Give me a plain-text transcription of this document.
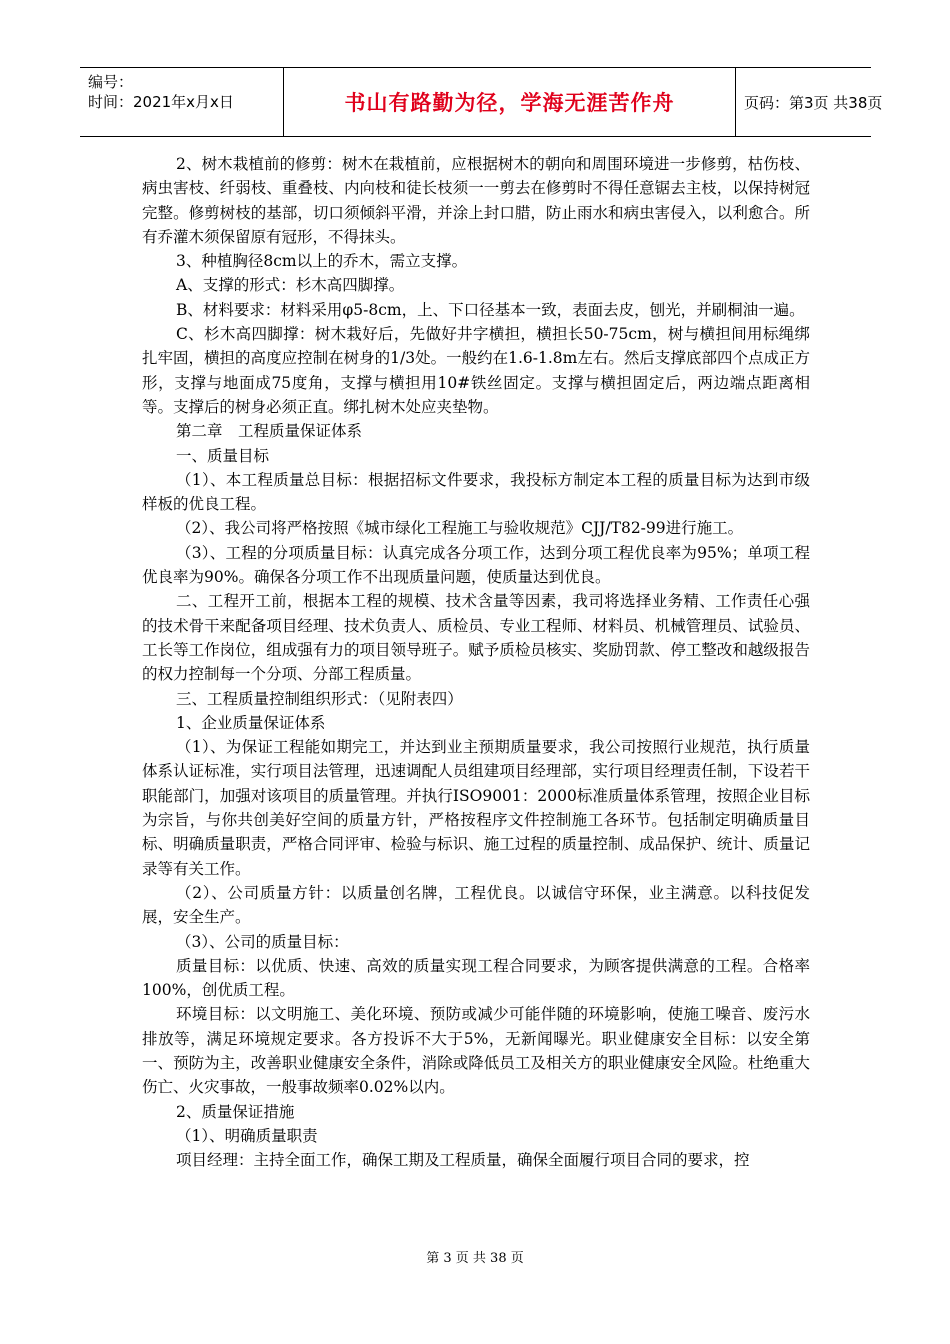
编号：
时间：2021年x月x日	书山有路勤为径，学海无涯苦作舟	页码：第3页 共38页

2、树木栽植前的修剪：树木在栽植前，应根据树木的朝向和周围环境进一步修剪，枯伤枝、病虫害枝、纤弱枝、重叠枝、内向枝和徒长枝须一一剪去在修剪时不得任意锯去主枝，以保持树冠完整。修剪树枝的基部，切口须倾斜平滑，并涂上封口腊，防止雨水和病虫害侵入，以利愈合。所有乔灌木须保留原有冠形，不得抹头。

3、种植胸径8cm以上的乔木，需立支撑。

A、支撑的形式：杉木高四脚撑。

B、材料要求：材料采用φ5-8cm，上、下口径基本一致，表面去皮，刨光，并刷桐油一遍。

C、杉木高四脚撑：树木栽好后，先做好井字横担，横担长50-75cm，树与横担间用标绳绑扎牢固，横担的高度应控制在树身的1/3处。一般约在1.6-1.8m左右。然后支撑底部四个点成正方形，支撑与地面成75度角，支撑与横担用10#铁丝固定。支撑与横担固定后，两边端点距离相等。支撑后的树身必须正直。绑扎树木处应夹垫物。

第二章　工程质量保证体系

一、质量目标

（1）、本工程质量总目标：根据招标文件要求，我投标方制定本工程的质量目标为达到市级样板的优良工程。

（2）、我公司将严格按照《城市绿化工程施工与验收规范》CJJ/T82-99进行施工。

（3）、工程的分项质量目标：认真完成各分项工作，达到分项工程优良率为95%；单项工程优良率为90%。确保各分项工作不出现质量问题，使质量达到优良。

二、工程开工前，根据本工程的规模、技术含量等因素，我司将选择业务精、工作责任心强的技术骨干来配备项目经理、技术负责人、质检员、专业工程师、材料员、机械管理员、试验员、工长等工作岗位，组成强有力的项目领导班子。赋予质检员核实、奖励罚款、停工整改和越级报告的权力控制每一个分项、分部工程质量。

三、工程质量控制组织形式：（见附表四）

1、企业质量保证体系

（1）、为保证工程能如期完工，并达到业主预期质量要求，我公司按照行业规范，执行质量体系认证标准，实行项目法管理，迅速调配人员组建项目经理部，实行项目经理责任制，下设若干职能部门，加强对该项目的质量管理。并执行ISO9001：2000标准质量体系管理，按照企业目标为宗旨，与你共创美好空间的质量方针，严格按程序文件控制施工各环节。包括制定明确质量目标、明确质量职责，严格合同评审、检验与标识、施工过程的质量控制、成品保护、统计、质量记录等有关工作。

（2）、公司质量方针：以质量创名牌，工程优良。以诚信守环保，业主满意。以科技促发展，安全生产。

（3）、公司的质量目标：

质量目标：以优质、快速、高效的质量实现工程合同要求，为顾客提供满意的工程。合格率100%，创优质工程。

环境目标：以文明施工、美化环境、预防或减少可能伴随的环境影响，使施工噪音、废污水排放等，满足环境规定要求。各方投诉不大于5%，无新闻曝光。职业健康安全目标：以安全第一、预防为主，改善职业健康安全条件，消除或降低员工及相关方的职业健康安全风险。杜绝重大伤亡、火灾事故，一般事故频率0.02%以内。

2、质量保证措施

（1）、明确质量职责

项目经理：主持全面工作，确保工期及工程质量，确保全面履行项目合同的要求，控

第 3 页 共 38 页
